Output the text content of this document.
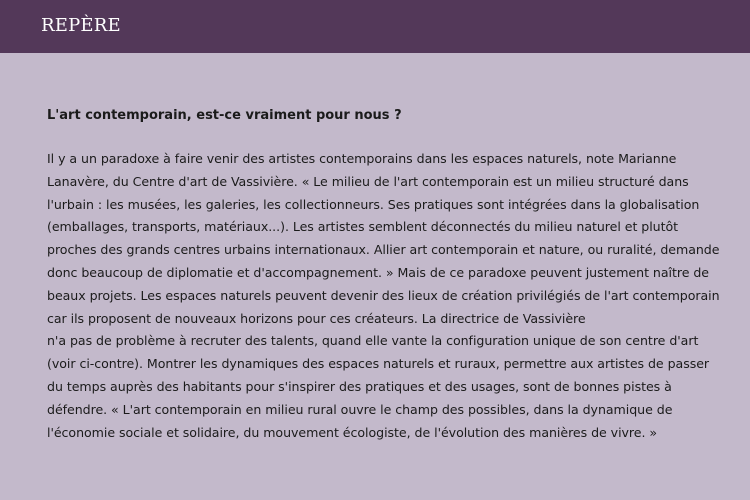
REPÈRE
L'art contemporain, est-ce vraiment pour nous ?

Il y a un paradoxe à faire venir des artistes contemporains dans les espaces naturels, note Marianne
Lanavère, du Centre d'art de Vassivière. « Le milieu de l'art contemporain est un milieu structuré dans
l'urbain : les musées, les galeries, les collectionneurs. Ses pratiques sont intégrées dans la globalisation
(emballages, transports, matériaux...). Les artistes semblent déconnectés du milieu naturel et plutôt
proches des grands centres urbains internationaux. Allier art contemporain et nature, ou ruralité, demande
donc beaucoup de diplomatie et d'accompagnement. » Mais de ce paradoxe peuvent justement naître de
beaux projets. Les espaces naturels peuvent devenir des lieux de création privilégiés de l'art contemporain
car ils proposent de nouveaux horizons pour ces créateurs. La directrice de Vassivière
n'a pas de problème à recruter des talents, quand elle vante la configuration unique de son centre d'art
(voir ci-contre). Montrer les dynamiques des espaces naturels et ruraux, permettre aux artistes de passer
du temps auprès des habitants pour s'inspirer des pratiques et des usages, sont de bonnes pistes à
défendre. « L'art contemporain en milieu rural ouvre le champ des possibles, dans la dynamique de
l'économie sociale et solidaire, du mouvement écologiste, de l'évolution des manières de vivre. »
